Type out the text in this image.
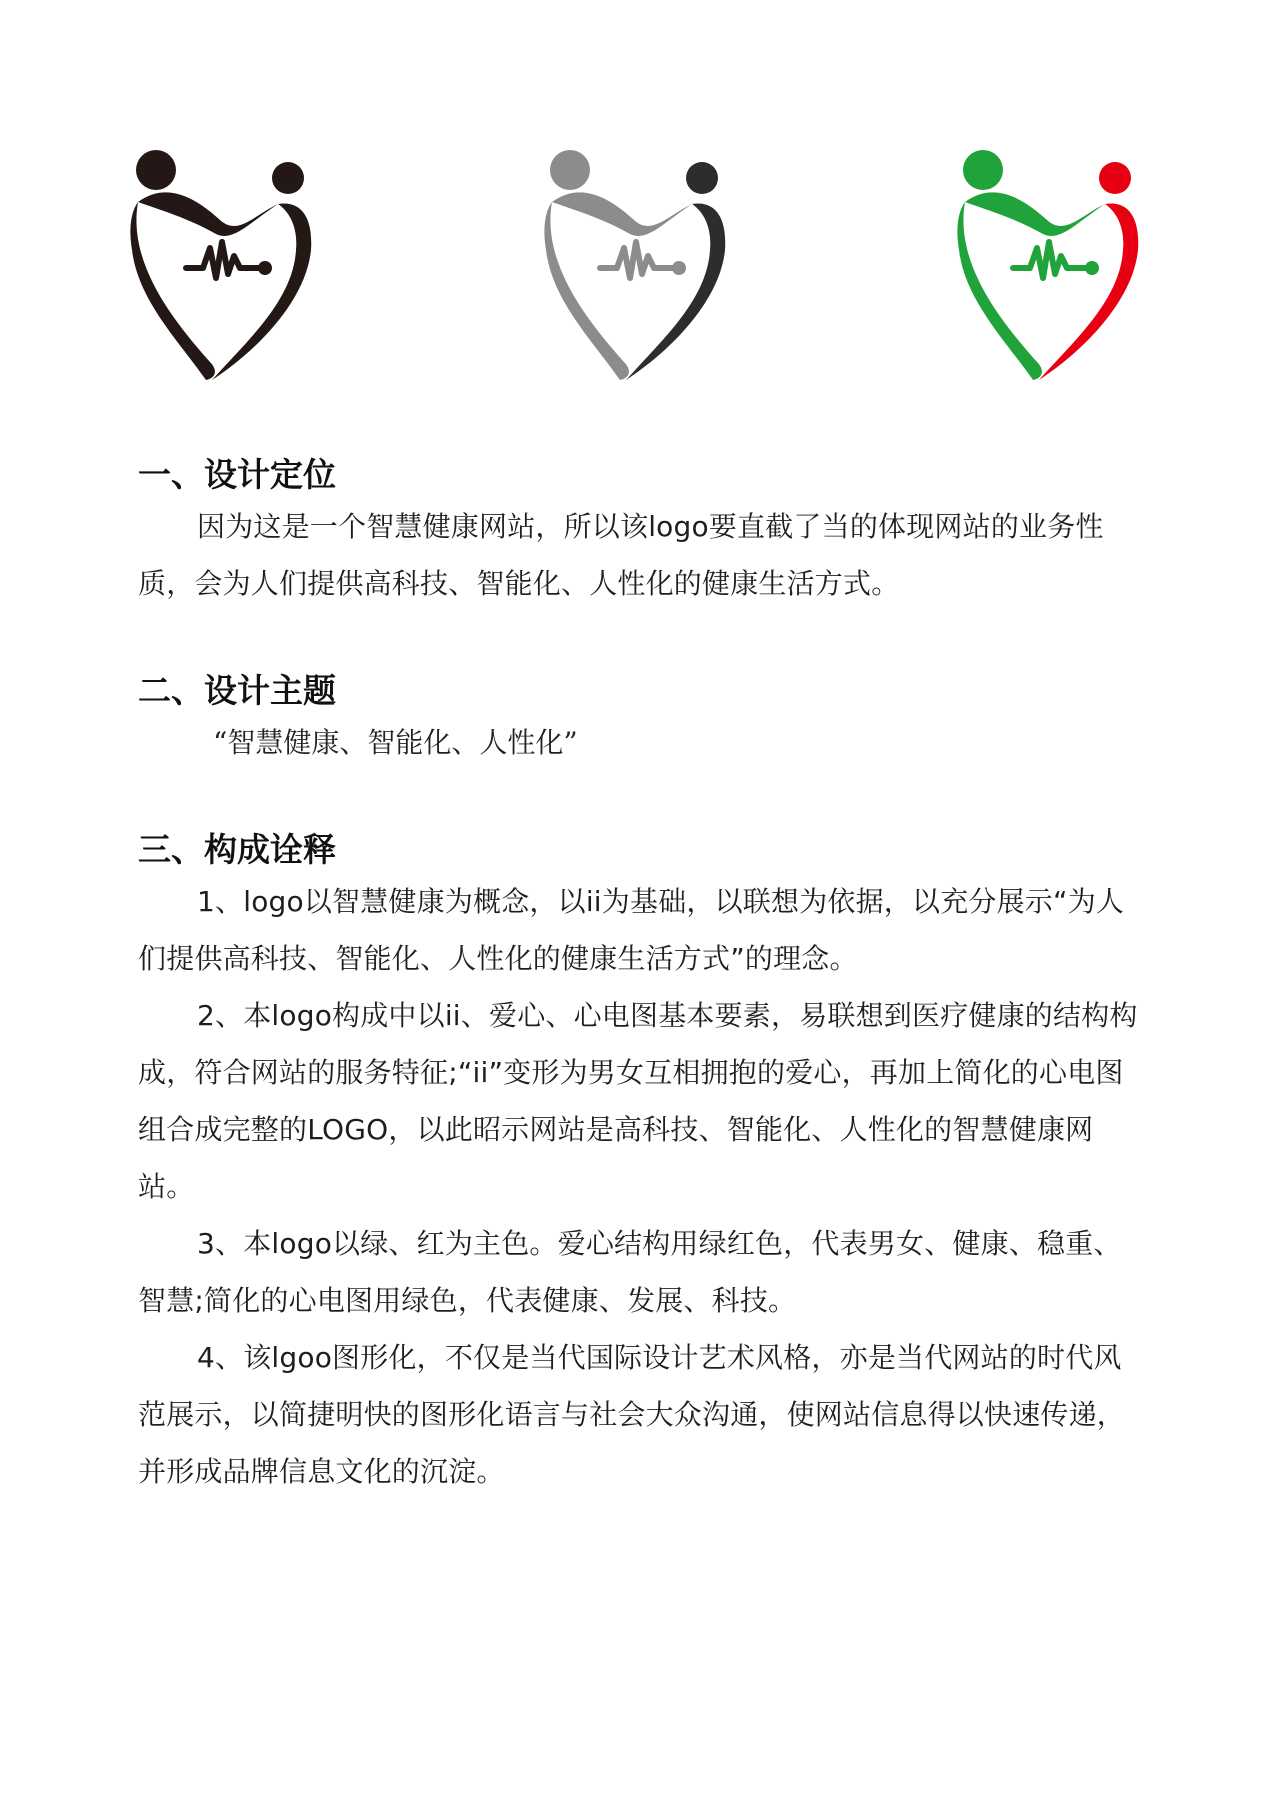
一、设计定位

因为这是一个智慧健康网站，所以该logo要直截了当的体现网站的业务性质，会为人们提供高科技、智能化、人性化的健康生活方式。

二、设计主题

“智慧健康、智能化、人性化”

三、构成诠释

1、logo以智慧健康为概念，以ii为基础，以联想为依据，以充分展示“为人们提供高科技、智能化、人性化的健康生活方式”的理念。

2、本logo构成中以ii、爱心、心电图基本要素，易联想到医疗健康的结构构成，符合网站的服务特征;“ii”变形为男女互相拥抱的爱心，再加上简化的心电图组合成完整的LOGO，以此昭示网站是高科技、智能化、人性化的智慧健康网站。

3、本logo以绿、红为主色。爱心结构用绿红色，代表男女、健康、稳重、智慧;简化的心电图用绿色，代表健康、发展、科技。

4、该lgoo图形化，不仅是当代国际设计艺术风格，亦是当代网站的时代风范展示，以简捷明快的图形化语言与社会大众沟通，使网站信息得以快速传递，并形成品牌信息文化的沉淀。
